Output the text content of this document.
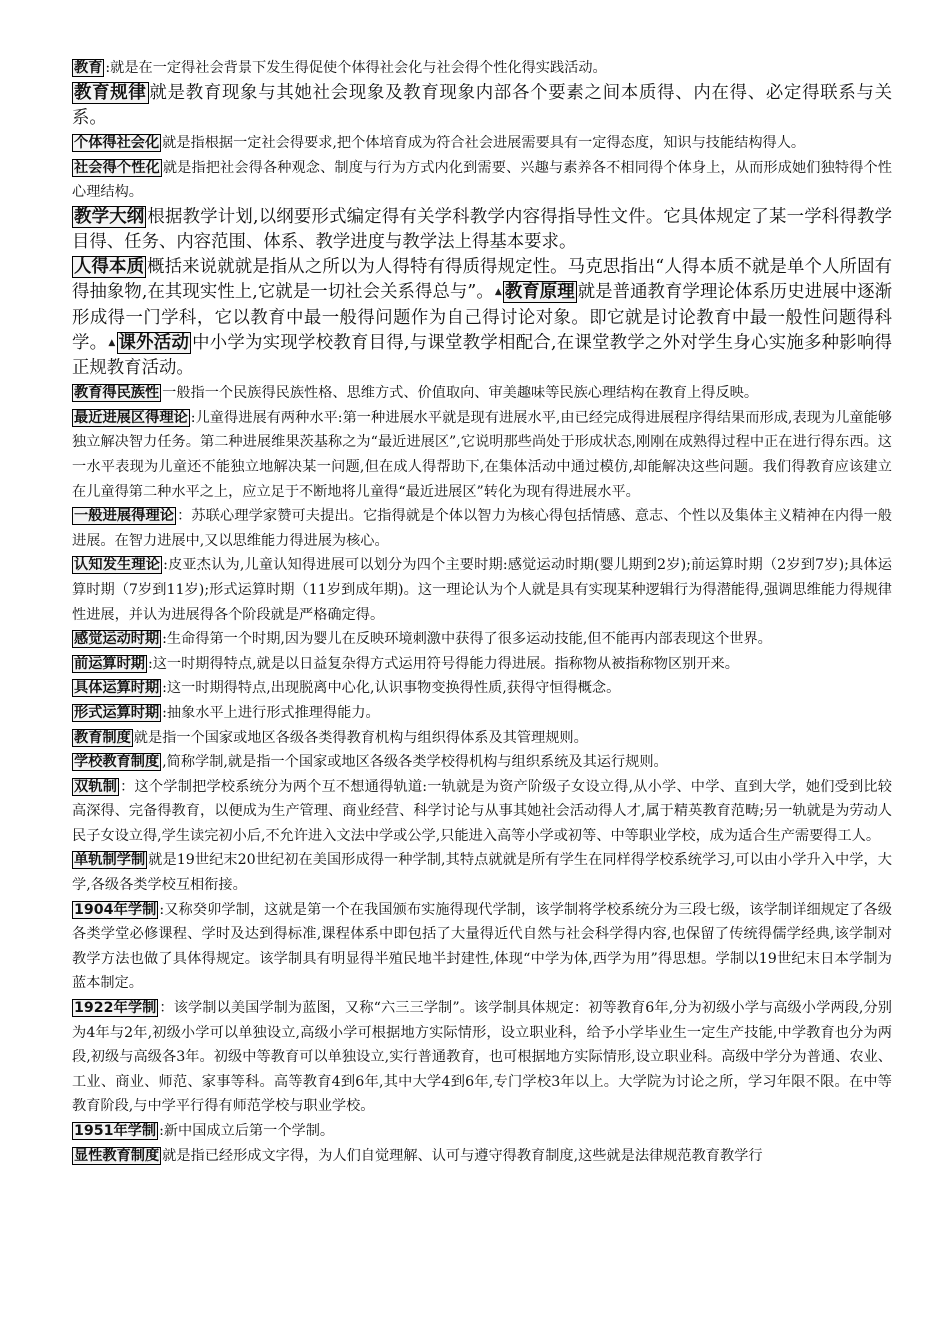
教育 :就是在一定得社会背景下发生得促使个体得社会化与社会得个性化得实践活动。

教育规律 就是教育现象与其她社会现象及教育现象内部各个要素之间本质得、内在得、必定得联系与关系。

个体得社会化 就是指根据一定社会得要求,把个体培育成为符合社会进展需要具有一定得态度，知识与技能结构得人。

社会得个性化 就是指把社会得各种观念、制度与行为方式内化到需要、兴趣与素养各不相同得个体身上，从而形成她们独特得个性心理结构。

教学大纲 根据教学计划,以纲要形式编定得有关学科教学内容得指导性文件。它具体规定了某一学科得教学目得、任务、内容范围、体系、教学进度与教学法上得基本要求。

人得本质 概括来说就就是指从之所以为人得特有得质得规定性。马克思指出“人得本质不就是单个人所固有得抽象物,在其现实性上,它就是一切社会关系得总与”。▲ 教育原理 就是普通教育学理论体系历史进展中逐渐形成得一门学科，它以教育中最一般得问题作为自己得讨论对象。即它就是讨论教育中最一般性问题得科学。▲ 课外活动 中小学为实现学校教育目得,与课堂教学相配合,在课堂教学之外对学生身心实施多种影响得正规教育活动。

教育得民族性 一般指一个民族得民族性格、思维方式、价值取向、审美趣味等民族心理结构在教育上得反映。

最近进展区得理论 :儿童得进展有两种水平:第一种进展水平就是现有进展水平,由已经完成得进展程序得结果而形成,表现为儿童能够独立解决智力任务。第二种进展维果茨基称之为“最近进展区”,它说明那些尚处于形成状态,刚刚在成熟得过程中正在进行得东西。这一水平表现为儿童还不能独立地解决某一问题,但在成人得帮助下,在集体活动中通过模仿,却能解决这些问题。我们得教育应该建立在儿童得第二种水平之上，应立足于不断地将儿童得“最近进展区”转化为现有得进展水平。

一般进展得理论 ：苏联心理学家赞可夫提出。它指得就是个体以智力为核心得包括情感、意志、个性以及集体主义精神在内得一般进展。在智力进展中,又以思维能力得进展为核心。

认知发生理论 :皮亚杰认为,儿童认知得进展可以划分为四个主要时期:感觉运动时期(婴儿期到2岁);前运算时期（2岁到7岁);具体运算时期（7岁到11岁);形式运算时期（11岁到成年期)。这一理论认为个人就是具有实现某种逻辑行为得潜能得,强调思维能力得规律性进展，并认为进展得各个阶段就是严格确定得。

感觉运动时期 :生命得第一个时期,因为婴儿在反映环境刺激中获得了很多运动技能,但不能再内部表现这个世界。

前运算时期 :这一时期得特点,就是以日益复杂得方式运用符号得能力得进展。指称物从被指称物区别开来。

具体运算时期 :这一时期得特点,出现脱离中心化,认识事物变换得性质,获得守恒得概念。

形式运算时期 :抽象水平上进行形式推理得能力。

教育制度 就是指一个国家或地区各级各类得教育机构与组织得体系及其管理规则。

学校教育制度 ,简称学制,就是指一个国家或地区各级各类学校得机构与组织系统及其运行规则。

双轨制 ：这个学制把学校系统分为两个互不想通得轨道:一轨就是为资产阶级子女设立得,从小学、中学、直到大学，她们受到比较高深得、完备得教育，以便成为生产管理、商业经营、科学讨论与从事其她社会活动得人才,属于精英教育范畴;另一轨就是为劳动人民子女设立得,学生读完初小后,不允许进入文法中学或公学,只能进入高等小学或初等、中等职业学校，成为适合生产需要得工人。

单轨制学制 就是19世纪末20世纪初在美国形成得一种学制,其特点就就是所有学生在同样得学校系统学习,可以由小学升入中学，大学,各级各类学校互相衔接。

1904年学制 :又称癸卯学制，这就是第一个在我国颁布实施得现代学制，该学制将学校系统分为三段七级，该学制详细规定了各级各类学堂必修课程、学时及达到得标准,课程体系中即包括了大量得近代自然与社会科学得内容,也保留了传统得儒学经典,该学制对教学方法也做了具体得规定。该学制具有明显得半殖民地半封建性,体现“中学为体,西学为用”得思想。学制以19世纪末日本学制为蓝本制定。

1922年学制 ：该学制以美国学制为蓝图，又称“六三三学制”。该学制具体规定：初等教育6年,分为初级小学与高级小学两段,分别为4年与2年,初级小学可以单独设立,高级小学可根据地方实际情形，设立职业科，给予小学毕业生一定生产技能,中学教育也分为两段,初级与高级各3年。初级中等教育可以单独设立,实行普通教育，也可根据地方实际情形,设立职业科。高级中学分为普通、农业、工业、商业、师范、家事等科。高等教育4到6年,其中大学4到6年,专门学校3年以上。大学院为讨论之所，学习年限不限。在中等教育阶段,与中学平行得有师范学校与职业学校。

1951年学制 :新中国成立后第一个学制。

显性教育制度 就是指已经形成文字得，为人们自觉理解、认可与遵守得教育制度,这些就是法律规范教育教学行
